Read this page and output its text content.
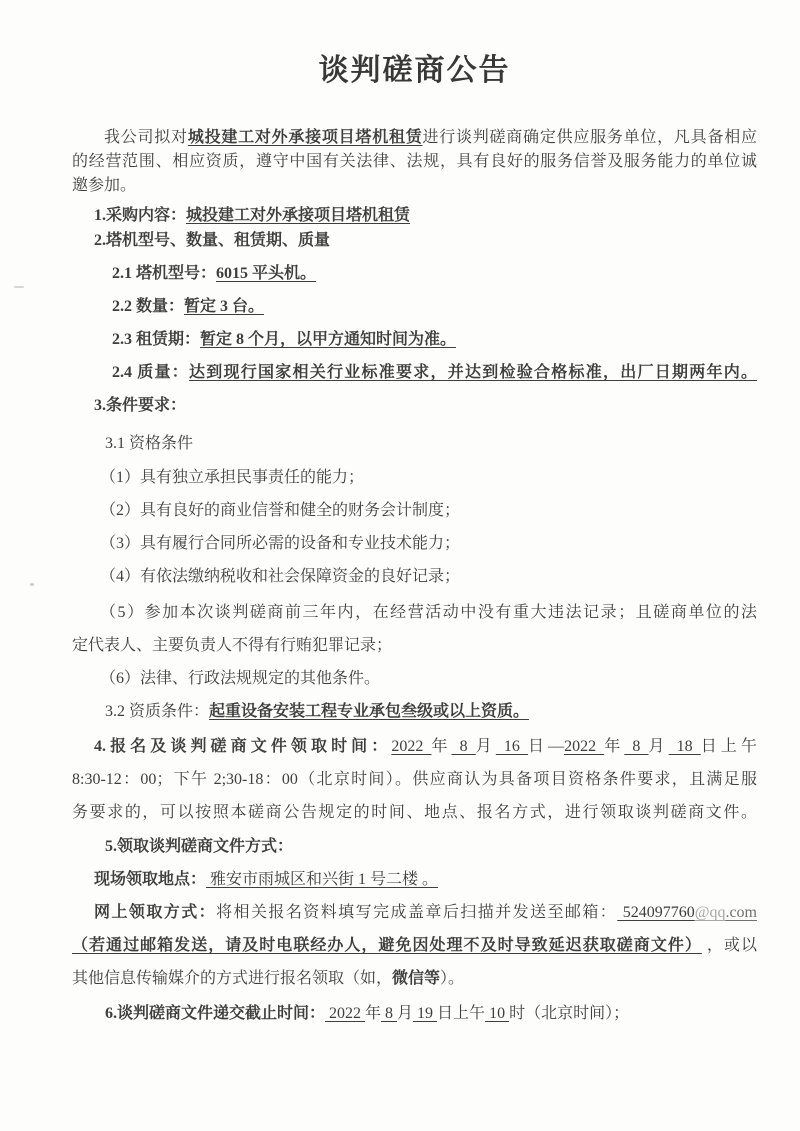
谈判磋商公告
我公司拟对城投建工对外承接项目塔机租赁进行谈判磋商确定供应服务单位，凡具备相应
的经营范围、相应资质，遵守中国有关法律、法规，具有良好的服务信誉及服务能力的单位诚
邀参加。
1.采购内容：城投建工对外承接项目塔机租赁
2.塔机型号、数量、租赁期、质量
2.1 塔机型号：6015 平头机。
2.2 数量：暂定 3 台。
2.3 租赁期：暂定 8 个月，以甲方通知时间为准。
2.4 质量：达到现行国家相关行业标准要求，并达到检验合格标准，出厂日期两年内。
3.条件要求：
3.1 资格条件
（1）具有独立承担民事责任的能力；
（2）具有良好的商业信誉和健全的财务会计制度；
（3）具有履行合同所必需的设备和专业技术能力；
（4）有依法缴纳税收和社会保障资金的良好记录；
（5）参加本次谈判磋商前三年内，在经营活动中没有重大违法记录；且磋商单位的法
定代表人、主要负责人不得有行贿犯罪记录；
（6）法律、行政法规规定的其他条件。
3.2 资质条件：起重设备安装工程专业承包叁级或以上资质。
4.报名及谈判磋商文件领取时间：2022 年 8 月 16 日—2022 年 8 月 18 日上午
8:30-12：00；下午 2;30-18：00（北京时间）。供应商认为具备项目资格条件要求，且满足服
务要求的，可以按照本磋商公告规定的时间、地点、报名方式，进行领取谈判磋商文件。
5.领取谈判磋商文件方式：
现场领取地点： 雅安市雨城区和兴街 1 号二楼 。
网上领取方式：将相关报名资料填写完成盖章后扫描并发送至邮箱： 524097760@qq.com
（若通过邮箱发送，请及时电联经办人，避免因处理不及时导致延迟获取磋商文件） ，或以
其他信息传输媒介的方式进行报名领取（如，微信等）。
6.谈判磋商文件递交截止时间： 2022 年 8 月 19 日上午 10 时（北京时间）；
